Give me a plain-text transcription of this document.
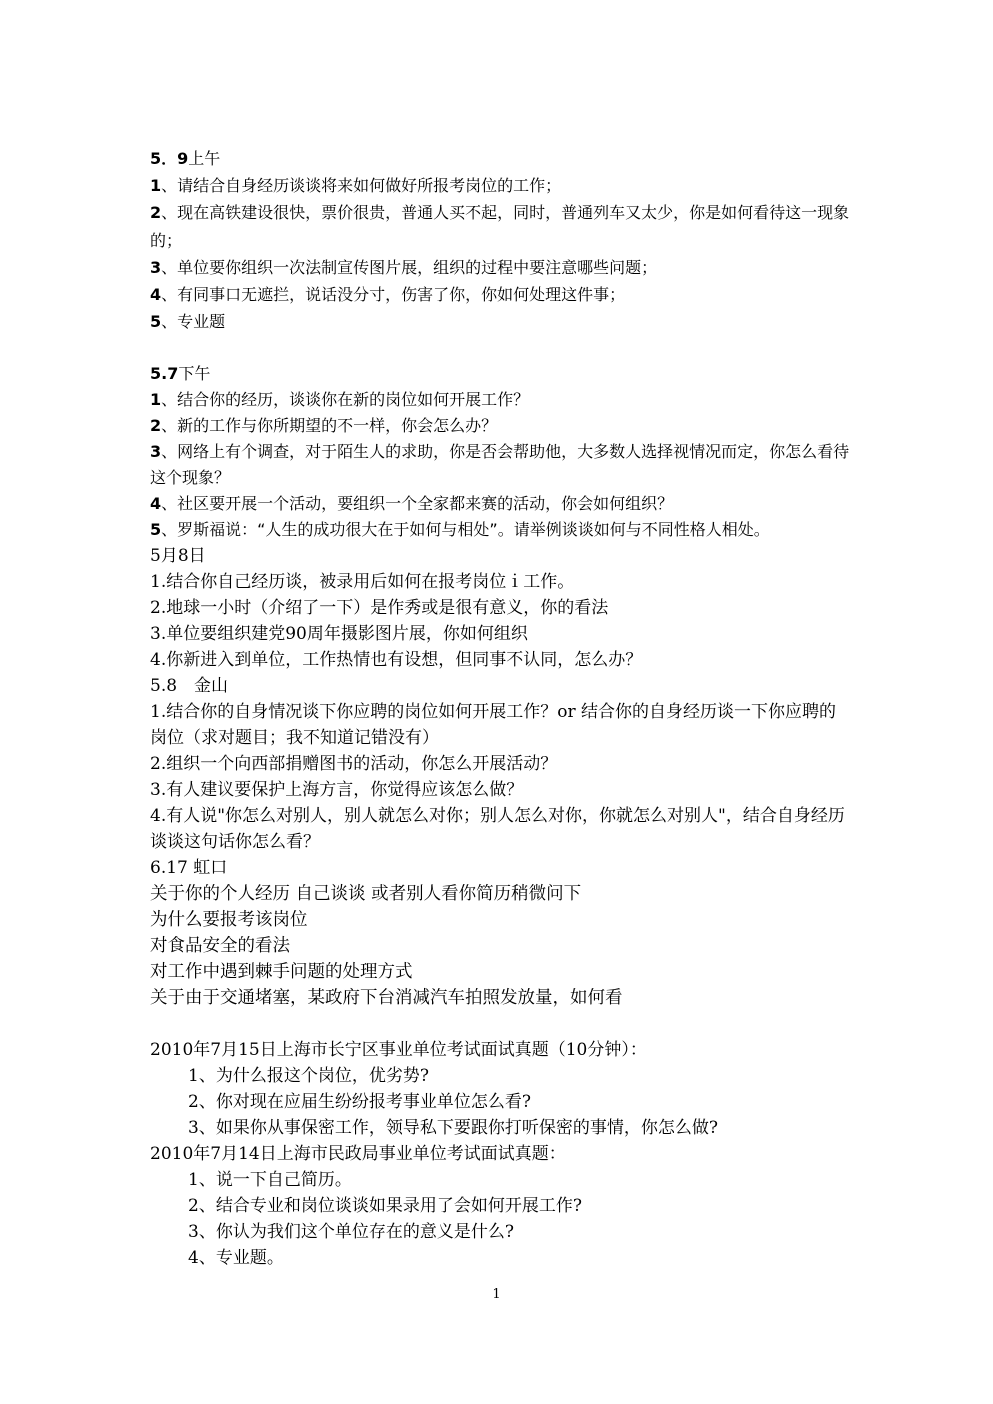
5．9上午

1、请结合自身经历谈谈将来如何做好所报考岗位的工作；

2、现在高铁建设很快，票价很贵，普通人买不起，同时，普通列车又太少，你是如何看待这一现象的；

3、单位要你组织一次法制宣传图片展，组织的过程中要注意哪些问题；

4、有同事口无遮拦，说话没分寸，伤害了你，你如何处理这件事；

5、专业题

5.7下午

1、结合你的经历，谈谈你在新的岗位如何开展工作？

2、新的工作与你所期望的不一样，你会怎么办？

3、网络上有个调查，对于陌生人的求助，你是否会帮助他，大多数人选择视情况而定，你怎么看待这个现象？

4、社区要开展一个活动，要组织一个全家都来赛的活动，你会如何组织？

5、罗斯福说：“人生的成功很大在于如何与相处”。请举例谈谈如何与不同性格人相处。

5月8日

1.结合你自己经历谈，被录用后如何在报考岗位ｉ工作。

2.地球一小时（介绍了一下）是作秀或是很有意义，你的看法

3.单位要组织建党90周年摄影图片展，你如何组织

4.你新进入到单位，工作热情也有设想，但同事不认同，怎么办？

5.8　金山

1.结合你的自身情况谈下你应聘的岗位如何开展工作？or 结合你的自身经历谈一下你应聘的岗位（求对题目；我不知道记错没有）

2.组织一个向西部捐赠图书的活动，你怎么开展活动？

3.有人建议要保护上海方言，你觉得应该怎么做？

4.有人说"你怎么对别人，别人就怎么对你；别人怎么对你，你就怎么对别人"，结合自身经历谈谈这句话你怎么看？

6.17 虹口

关于你的个人经历 自己谈谈 或者别人看你简历稍微问下

为什么要报考该岗位

对食品安全的看法

对工作中遇到棘手问题的处理方式

关于由于交通堵塞，某政府下台消减汽车拍照发放量，如何看

2010年7月15日上海市长宁区事业单位考试面试真题（10分钟）：

1、为什么报这个岗位，优劣势?

2、你对现在应届生纷纷报考事业单位怎么看?

3、如果你从事保密工作，领导私下要跟你打听保密的事情，你怎么做?

2010年7月14日上海市民政局事业单位考试面试真题：

1、说一下自己简历。

2、结合专业和岗位谈谈如果录用了会如何开展工作?

3、你认为我们这个单位存在的意义是什么?

4、专业题。

1
